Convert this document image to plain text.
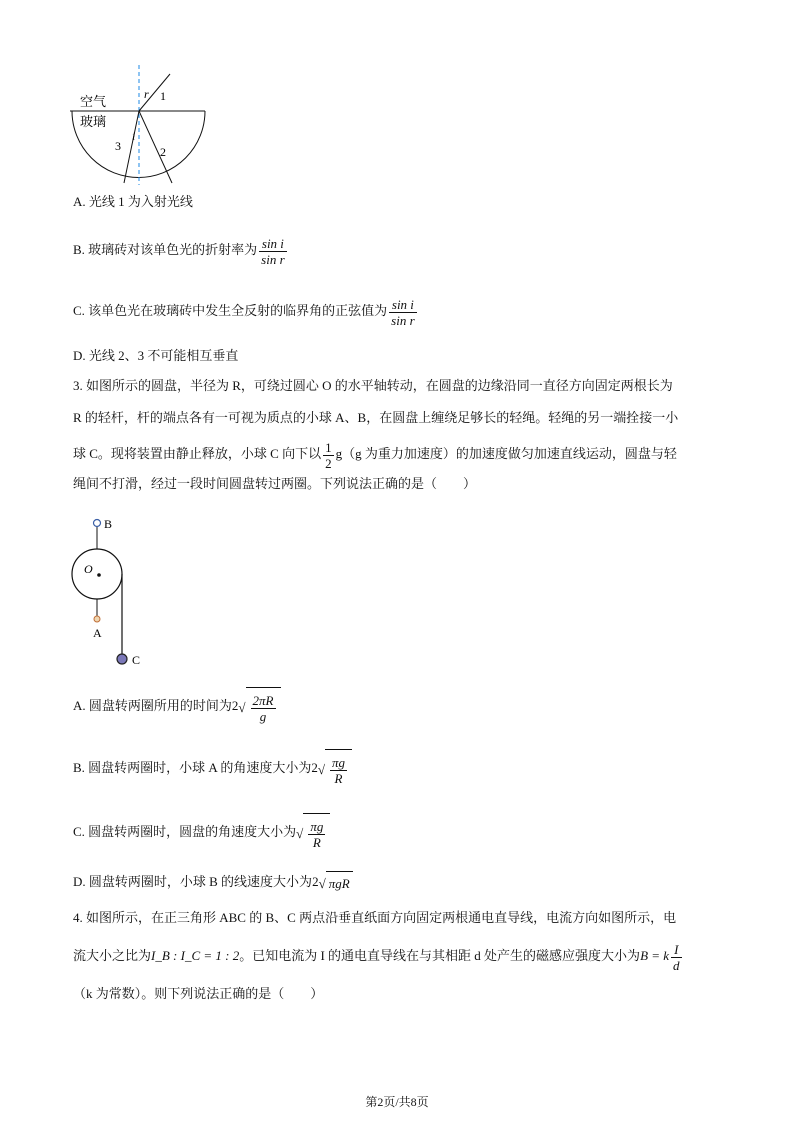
空气
玻璃
r
i
1
2
3
A. 光线 1 为入射光线
B. 玻璃砖对该单色光的折射率为 $\frac{\text{sin i}}{\text{sin r}}$
C. 该单色光在玻璃砖中发生全反射的临界角的正弦值为 $\frac{\text{sin i}}{\text{sin r}}$
D. 光线 2、3 不可能相互垂直
3. 如图所示的圆盘，半径为 R，可绕过圆心 O 的水平轴转动，在圆盘的边缘沿同一直径方向固定两根长为
R 的轻杆，杆的端点各有一可视为质点的小球 A、B，在圆盘上缠绕足够长的轻绳。轻绳的另一端拴接一小
球 C。现将装置由静止释放，小球 C 向下以 $\frac{1}{2} g(g$ 为重力加速度）的加速度做匀加速直线运动，圆盘与轻
绳间不打滑，经过一段时间圆盘转过两圈。下列说法正确的是（　　）
B
O
A
C
A. 圆盘转两圈所用的时间为$2√ \frac{2\pi R}{g}$
B. 圆盘转两圈时，小球 A 的角速度大小为$2√ \frac{\pi g}{R}$
C. 圆盘转两圈时，圆盘的角速度大小为√ $\frac{\pi g}{R}$
D. 圆盘转两圈时，小球 B 的线速度大小为2√ πgR
4. 如图所示，在正三角形 ABC 的 B、C 两点沿垂直纸面方向固定两根通电直导线，电流方向如图所示，电
流大小之比为I_B : I_C = 1 : 2。已知电流为 I 的通电直导线在与其相距 d 处产生的磁感应强度大小为B = k $\frac{I}{d}$
（k 为常数）。则下列说法正确的是（　　）
第2页/共8页
